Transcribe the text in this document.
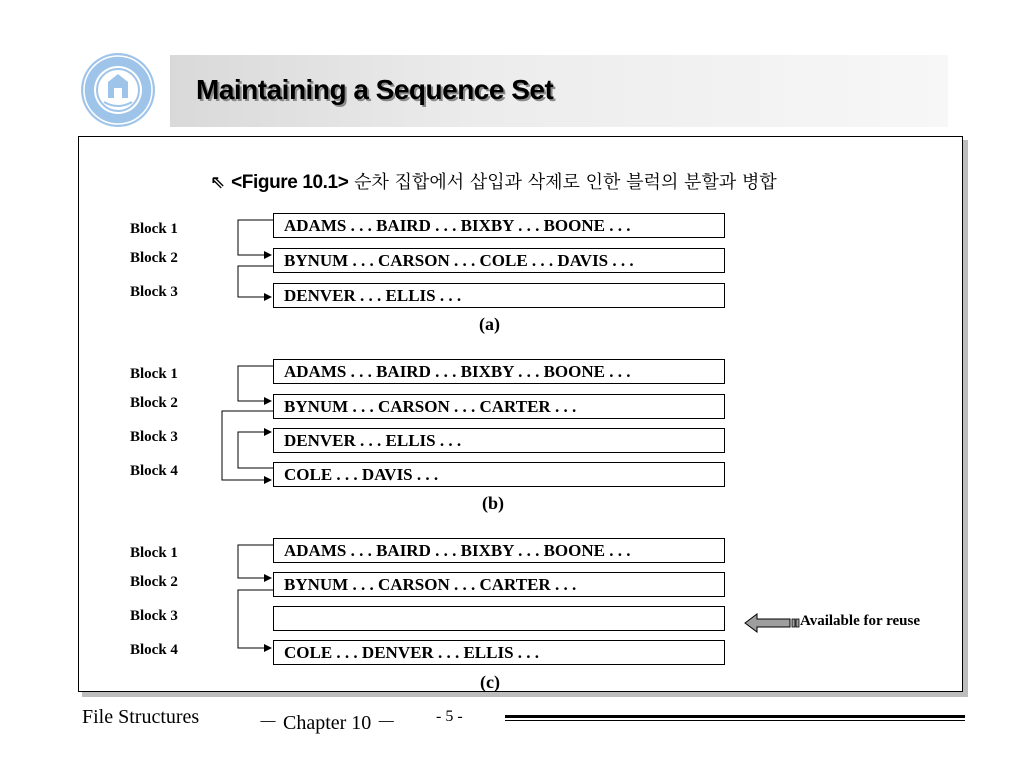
Maintaining a Sequence Set
⇖ <Figure 10.1> 순차 집합에서 삽입과 삭제로 인한 블럭의 분할과 병합
Block 1
Block 2
Block 3
ADAMS . . . BAIRD . . . BIXBY . . . BOONE . . .
BYNUM . . . CARSON . . . COLE . . . DAVIS . . .
DENVER . . . ELLIS . . .
(a)
Block 1
Block 2
Block 3
Block 4
ADAMS . . . BAIRD . . . BIXBY . . . BOONE . . .
BYNUM . . . CARSON . . . CARTER . . .
DENVER . . . ELLIS . . .
COLE . . . DAVIS . . .
(b)
Block 1
Block 2
Block 3
Block 4
ADAMS . . . BAIRD . . . BIXBY . . . BOONE . . .
BYNUM . . . CARSON . . . CARTER . . .
COLE . . . DENVER . . . ELLIS . . .
(c)
Available for reuse
File Structures	－ Chapter 10 － - 5 -
